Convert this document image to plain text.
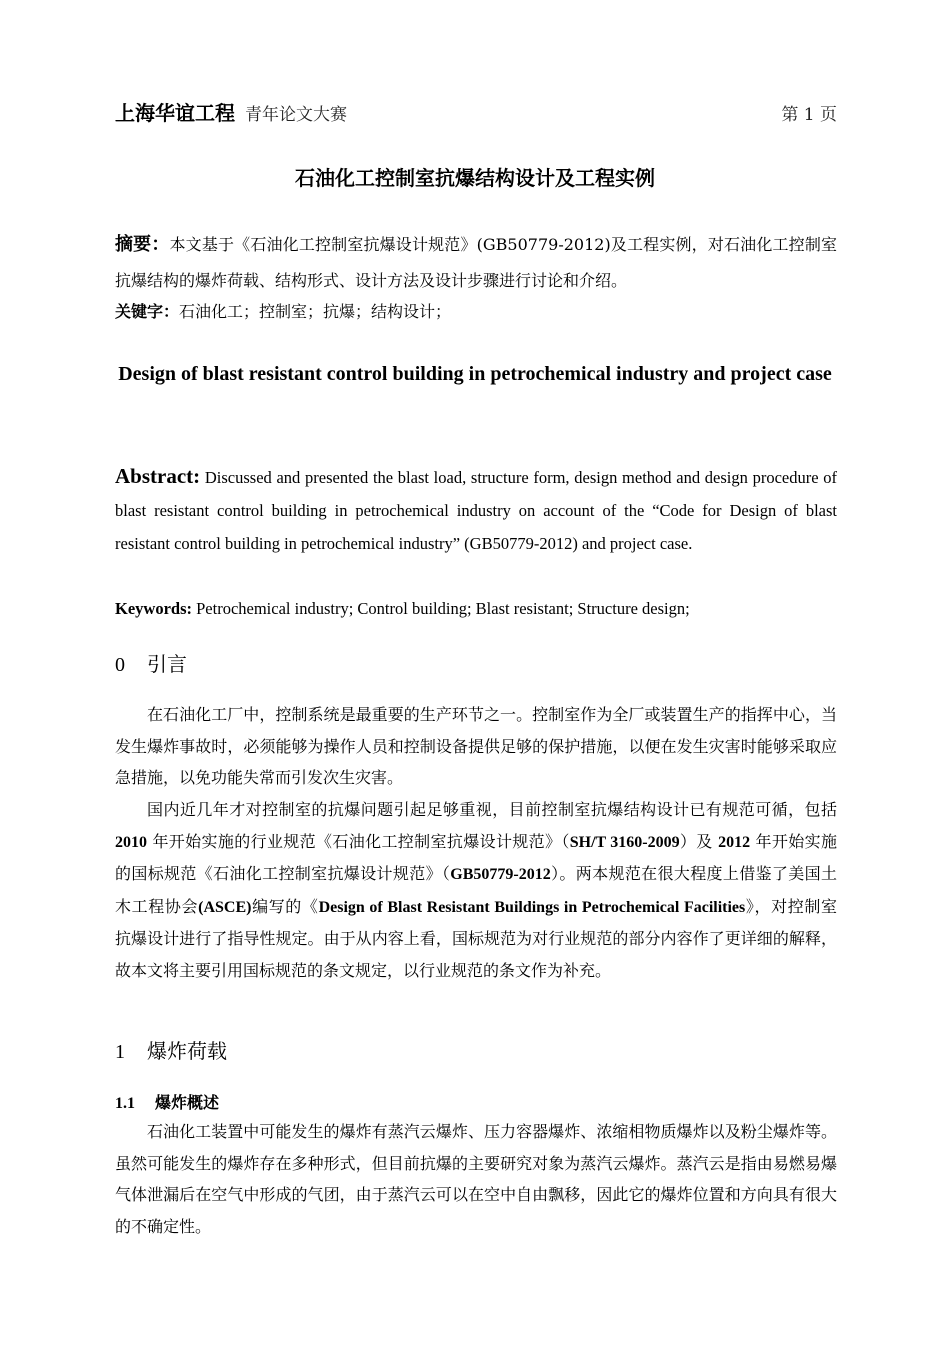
上海华谊工程 青年论文大赛	第 1 页
石油化工控制室抗爆结构设计及工程实例
摘要：本文基于《石油化工控制室抗爆设计规范》(GB50779-2012)及工程实例，对石油化工控制室抗爆结构的爆炸荷载、结构形式、设计方法及设计步骤进行讨论和介绍。
关键字：石油化工；控制室；抗爆；结构设计；
Design of blast resistant control building in petrochemical industry and project case
Abstract: Discussed and presented the blast load, structure form, design method and design procedure of blast resistant control building in petrochemical industry on account of the “Code for Design of blast resistant control building in petrochemical industry” (GB50779-2012) and project case.
Keywords: Petrochemical industry; Control building; Blast resistant; Structure design;
0 引言
在石油化工厂中，控制系统是最重要的生产环节之一。控制室作为全厂或装置生产的指挥中心，当发生爆炸事故时，必须能够为操作人员和控制设备提供足够的保护措施，以便在发生灾害时能够采取应急措施，以免功能失常而引发次生灾害。
国内近几年才对控制室的抗爆问题引起足够重视，目前控制室抗爆结构设计已有规范可循，包括 2010 年开始实施的行业规范《石油化工控制室抗爆设计规范》（SH/T 3160-2009）及 2012 年开始实施的国标规范《石油化工控制室抗爆设计规范》（GB50779-2012）。两本规范在很大程度上借鉴了美国土木工程协会(ASCE)编写的《Design of Blast Resistant Buildings in Petrochemical Facilities》，对控制室抗爆设计进行了指导性规定。由于从内容上看，国标规范为对行业规范的部分内容作了更详细的解释，故本文将主要引用国标规范的条文规定，以行业规范的条文作为补充。
1 爆炸荷载
1.1 爆炸概述
石油化工装置中可能发生的爆炸有蒸汽云爆炸、压力容器爆炸、浓缩相物质爆炸以及粉尘爆炸等。虽然可能发生的爆炸存在多种形式，但目前抗爆的主要研究对象为蒸汽云爆炸。蒸汽云是指由易燃易爆气体泄漏后在空气中形成的气团，由于蒸汽云可以在空中自由飘移，因此它的爆炸位置和方向具有很大的不确定性。
